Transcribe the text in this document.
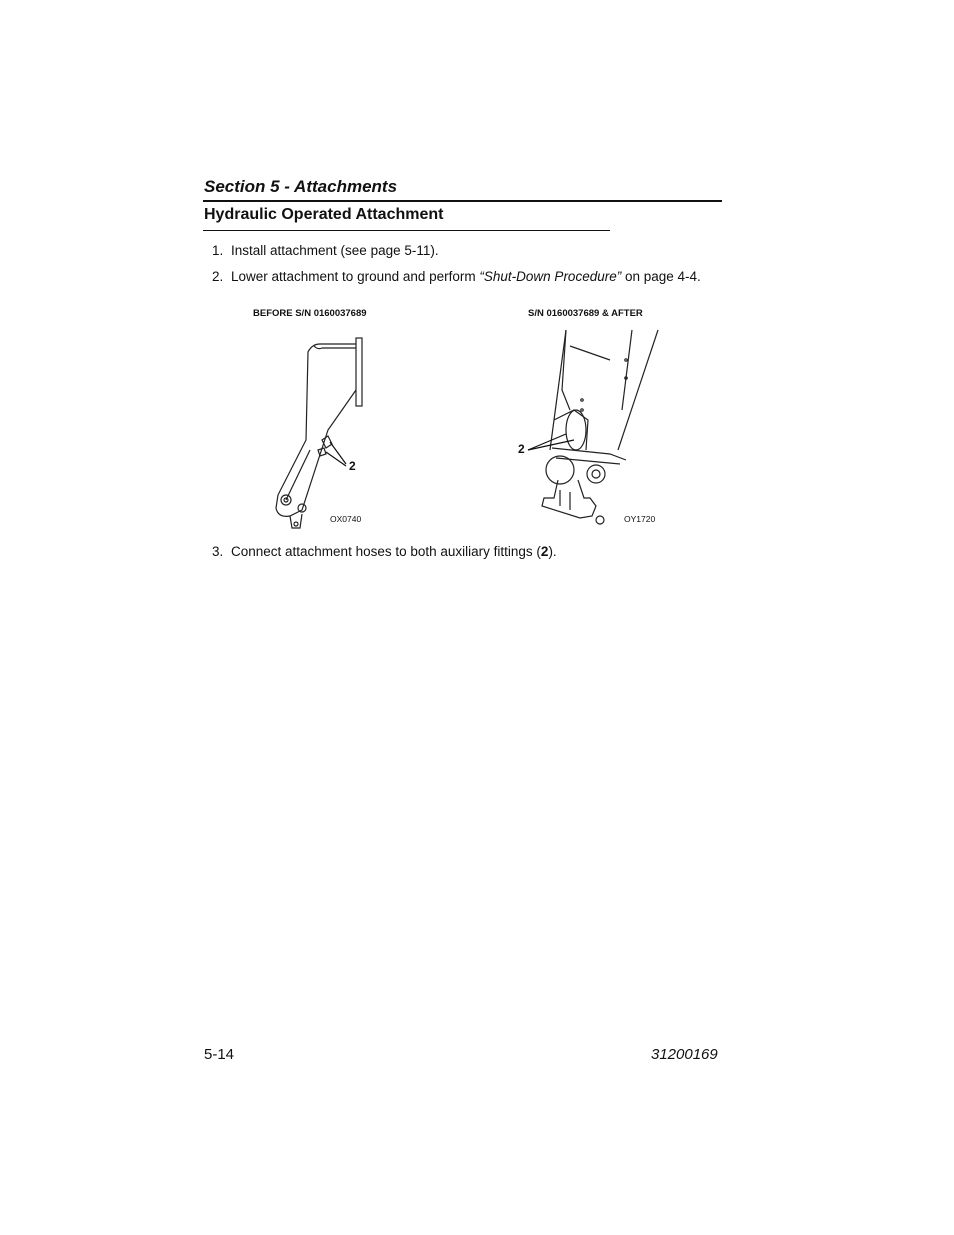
Section 5 - Attachments
Hydraulic Operated Attachment
1. Install attachment (see page 5-11).
2. Lower attachment to ground and perform “Shut-Down Procedure” on page 4-4.
BEFORE S/N 0160037689
2
OX0740
S/N 0160037689 & AFTER
2
OY1720
3. Connect attachment hoses to both auxiliary fittings (2).
5-14	31200169
